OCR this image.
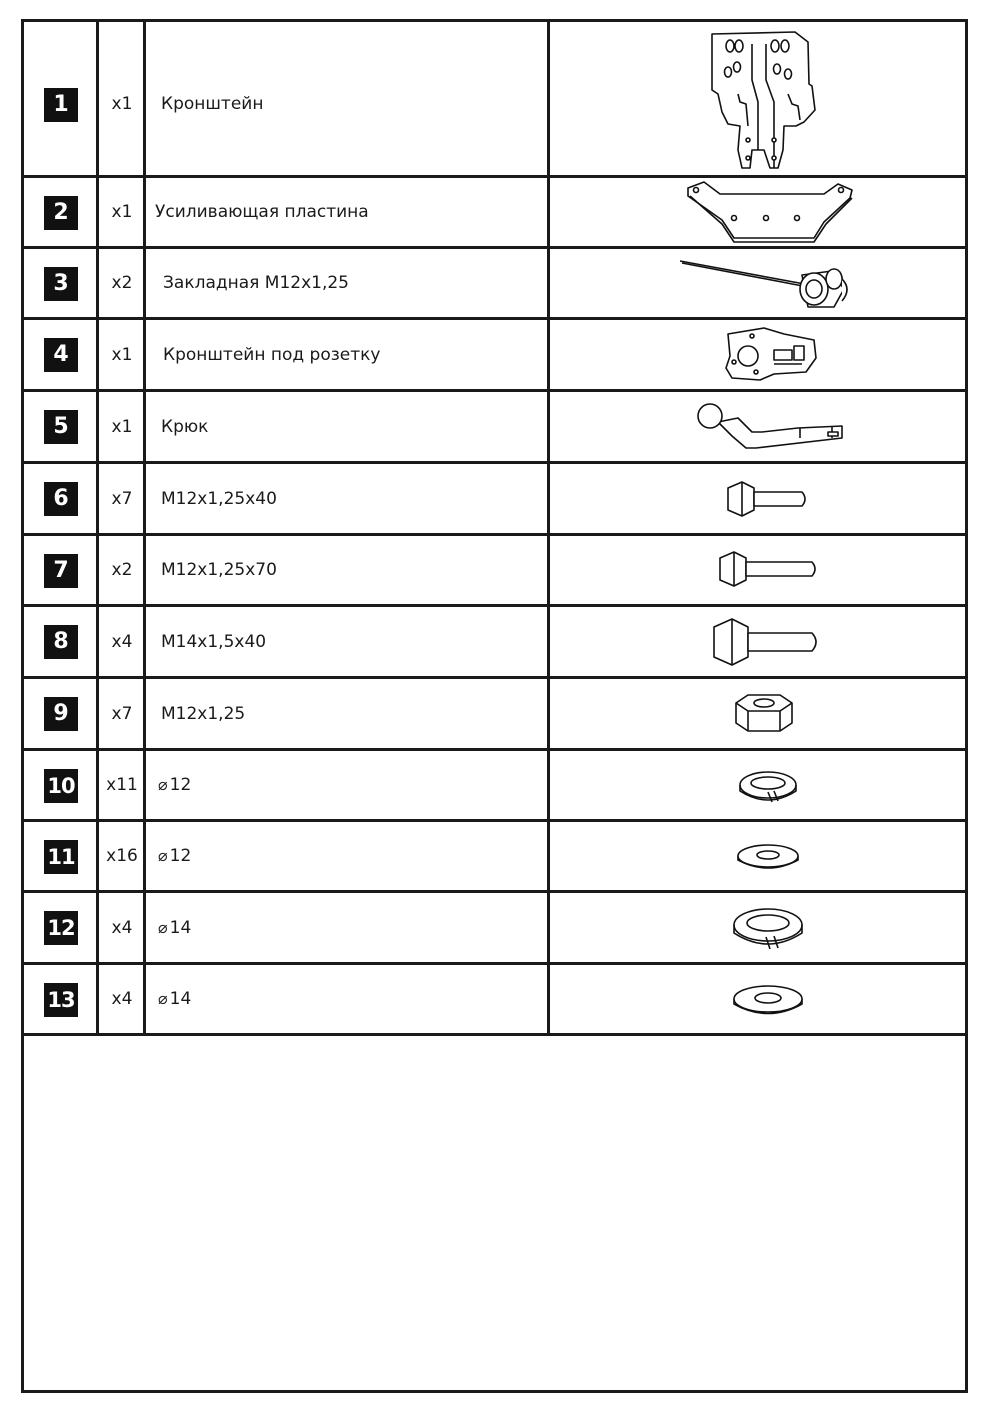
1	x1	Кронштейн
2	x1	Усиливающая пластина
3	x2	Закладная М12х1,25
4	x1	Кронштейн под розетку
5	x1	Крюк
6	x7	М12х1,25х40
7	x2	М12х1,25х70
8	x4	М14х1,5х40
9	x7	М12х1,25
10	x11	⌀ 12
11	x16	⌀ 12
12	x4	⌀ 14
13	x4	⌀ 14
